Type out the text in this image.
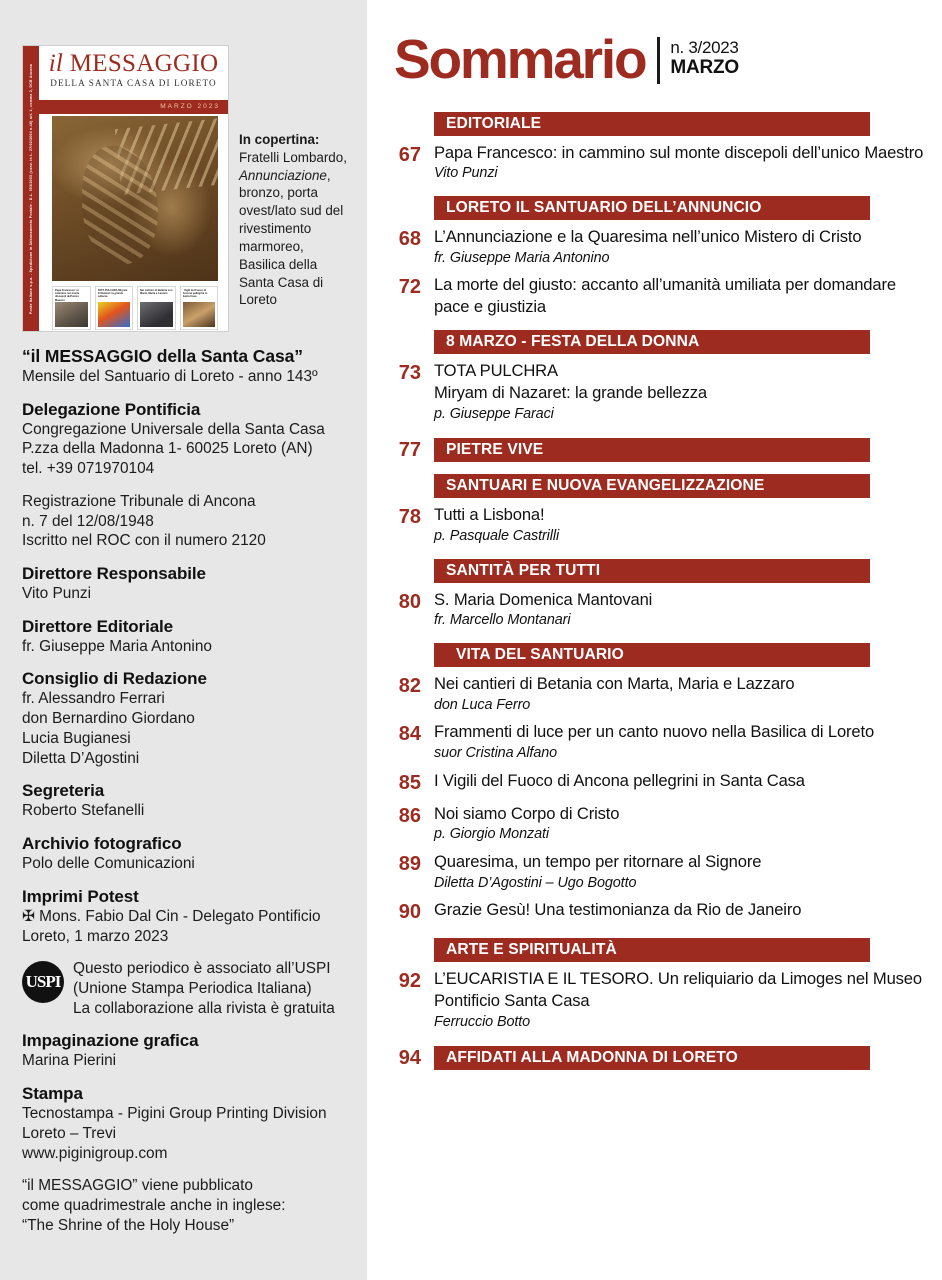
Poste Italiane s.p.a. - Spedizione in Abbonamento Postale - D.L. 353/2003 (conv. in L. 27/02/2004 n.46) art. 1, comma 2, DCB Ancona il MESSAGGIO
DELLA SANTA CASA DI LORETO
MARZO 2023
Papa Francesco: in cammino sul monte discepoli dell'unico Maestro
TOTA PULCHRA Miryam di Nazaret: la grande bellezza
Nei cantieri di Betania con Marta, Maria e Lazzaro
I Vigili del Fuoco di Ancona pellegrini in Santa Casa
In copertina:
Fratelli Lombardo,
Annunciazione, bronzo, porta ovest/lato sud del rivestimento marmoreo, Basilica della Santa Casa di Loreto
“il MESSAGGIO della Santa Casa”
Mensile del Santuario di Loreto - anno 143º
Delegazione Pontificia
Congregazione Universale della Santa Casa
P.zza della Madonna 1- 60025 Loreto (AN)
tel. +39 071970104
Registrazione Tribunale di Ancona
n. 7 del 12/08/1948
Iscritto nel ROC con il numero 2120
Direttore Responsabile
Vito Punzi
Direttore Editoriale
fr. Giuseppe Maria Antonino
Consiglio di Redazione
fr. Alessandro Ferrari
don Bernardino Giordano
Lucia Bugianesi
Diletta D’Agostini
Segreteria
Roberto Stefanelli
Archivio fotografico
Polo delle Comunicazioni
Imprimi Potest
✠ Mons. Fabio Dal Cin - Delegato Pontificio
Loreto, 1 marzo 2023
USPI
Questo periodico è associato all’USPI
(Unione Stampa Periodica Italiana)
La collaborazione alla rivista è gratuita
Impaginazione grafica
Marina Pierini
Stampa
Tecnostampa - Pigini Group Printing Division
Loreto – Trevi
www.piginigroup.com
“il MESSAGGIO” viene pubblicato
come quadrimestrale anche in inglese:
“The Shrine of the Holy House”
Sommario n. 3/2023
MARZO
EDITORIALE
67 Papa Francesco: in cammino sul monte discepoli dell’unico Maestro
Vito Punzi
LORETO IL SANTUARIO DELL’ANNUNCIO
68 L’Annunciazione e la Quaresima nell’unico Mistero di Cristo
fr. Giuseppe Maria Antonino
72 La morte del giusto: accanto all’umanità umiliata per domandare pace e giustizia
8 MARZO - FESTA DELLA DONNA
73 TOTA PULCHRA
Miryam di Nazaret: la grande bellezza
p. Giuseppe Faraci
77	PIETRE VIVE
SANTUARI E NUOVA EVANGELIZZAZIONE
78 Tutti a Lisbona!
p. Pasquale Castrilli
SANTITÀ PER TUTTI
80 S. Maria Domenica Mantovani
fr. Marcello Montanari
VITA DEL SANTUARIO
82 Nei cantieri di Betania con Marta, Maria e Lazzaro
don Luca Ferro
84 Frammenti di luce per un canto nuovo nella Basilica di Loreto
suor Cristina Alfano
85 I Vigili del Fuoco di Ancona pellegrini in Santa Casa
86 Noi siamo Corpo di Cristo
p. Giorgio Monzati
89 Quaresima, un tempo per ritornare al Signore
Diletta D’Agostini – Ugo Bogotto
90 Grazie Gesù! Una testimonianza da Rio de Janeiro
ARTE E SPIRITUALITÀ
92 L’EUCARISTIA E IL TESORO. Un reliquiario da Limoges nel Museo Pontificio Santa Casa
Ferruccio Botto
94	AFFIDATI ALLA MADONNA DI LORETO
